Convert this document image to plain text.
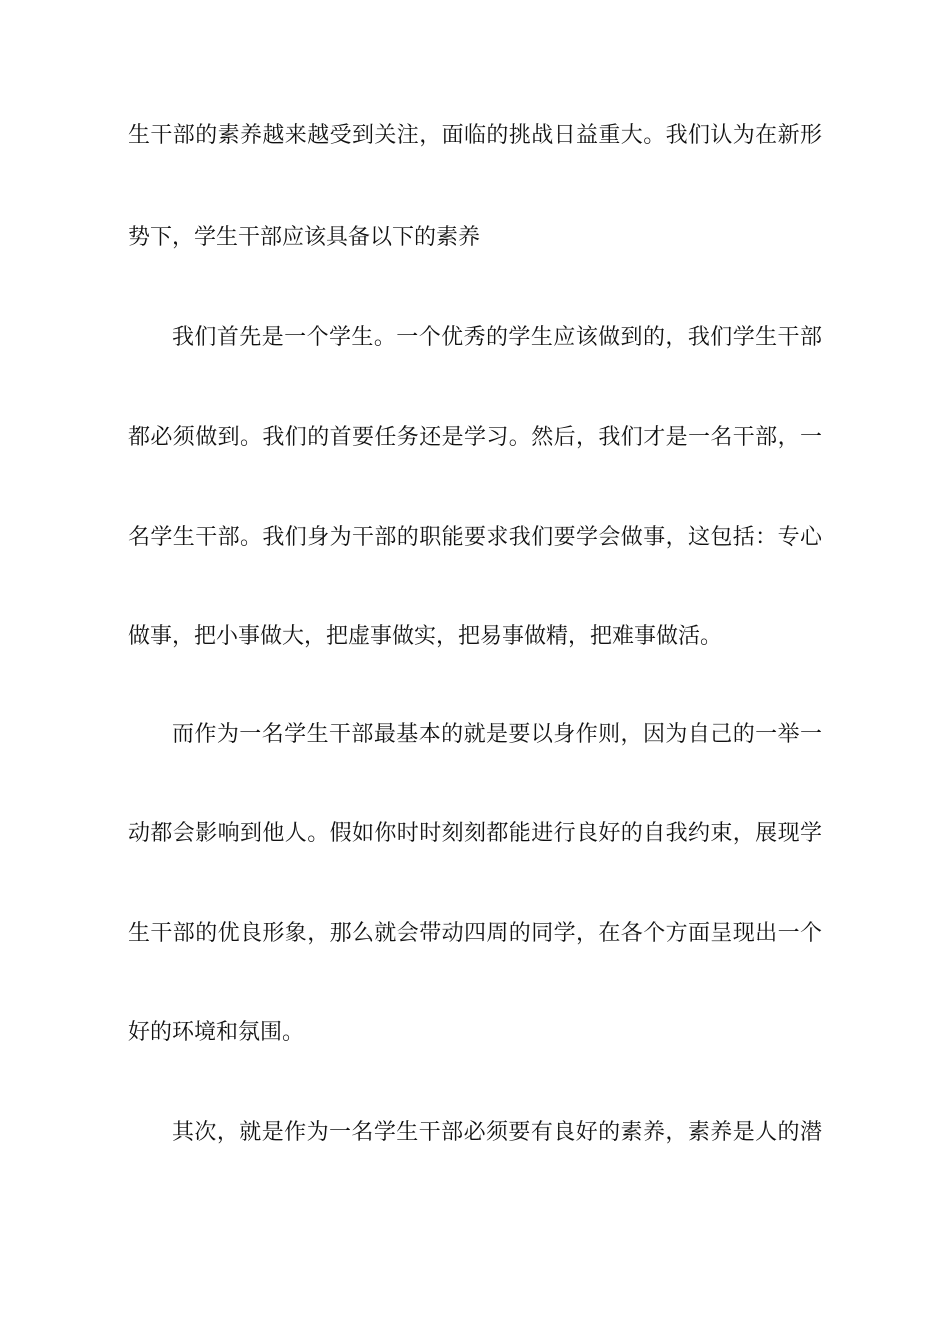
生干部的素养越来越受到关注，面临的挑战日益重大。我们认为在新形
势下，学生干部应该具备以下的素养
我们首先是一个学生。一个优秀的学生应该做到的，我们学生干部
都必须做到。我们的首要任务还是学习。然后，我们才是一名干部，一
名学生干部。我们身为干部的职能要求我们要学会做事，这包括：专心
做事，把小事做大，把虚事做实，把易事做精，把难事做活。
而作为一名学生干部最基本的就是要以身作则，因为自己的一举一
动都会影响到他人。假如你时时刻刻都能进行良好的自我约束，展现学
生干部的优良形象，那么就会带动四周的同学，在各个方面呈现出一个
好的环境和氛围。
其次，就是作为一名学生干部必须要有良好的素养，素养是人的潜
